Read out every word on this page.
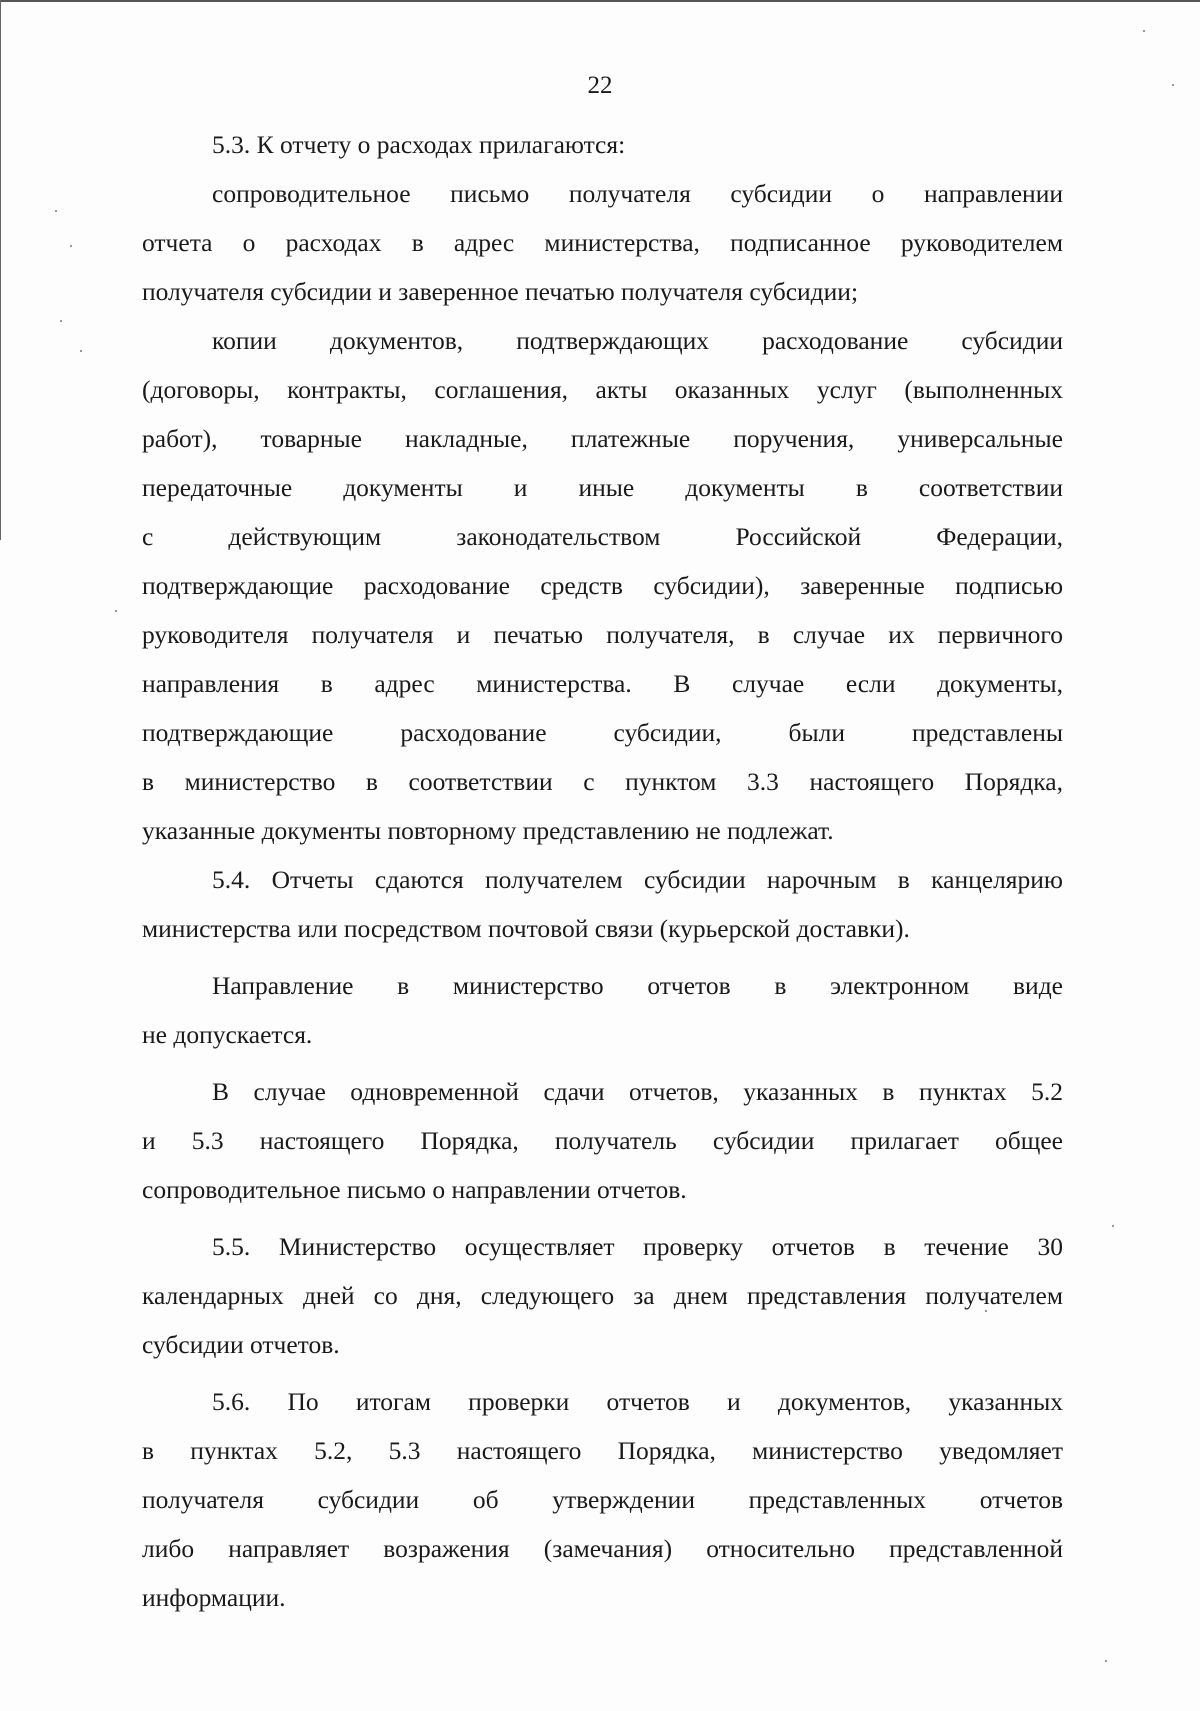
22

5.3. К отчету о расходах прилагаются:

сопроводительное письмо получателя субсидии о направлении
отчета о расходах в адрес министерства, подписанное руководителем
получателя субсидии и заверенное печатью получателя субсидии;

копии документов, подтверждающих расходование субсидии
(договоры, контракты, соглашения, акты оказанных услуг (выполненных
работ), товарные накладные, платежные поручения, универсальные
передаточные документы и иные документы в соответствии
с действующим законодательством Российской Федерации,
подтверждающие расходование средств субсидии), заверенные подписью
руководителя получателя и печатью получателя, в случае их первичного
направления в адрес министерства. В случае если документы,
подтверждающие расходование субсидии, были представлены
в министерство в соответствии с пунктом 3.3 настоящего Порядка,
указанные документы повторному представлению не подлежат.

5.4. Отчеты сдаются получателем субсидии нарочным в канцелярию
министерства или посредством почтовой связи (курьерской доставки).

Направление в министерство отчетов в электронном виде
не допускается.

В случае одновременной сдачи отчетов, указанных в пунктах 5.2
и 5.3 настоящего Порядка, получатель субсидии прилагает общее
сопроводительное письмо о направлении отчетов.

5.5. Министерство осуществляет проверку отчетов в течение 30
календарных дней со дня, следующего за днем представления получателем
субсидии отчетов.

5.6. По итогам проверки отчетов и документов, указанных
в пунктах 5.2, 5.3 настоящего Порядка, министерство уведомляет
получателя субсидии об утверждении представленных отчетов
либо направляет возражения (замечания) относительно представленной
информации.
